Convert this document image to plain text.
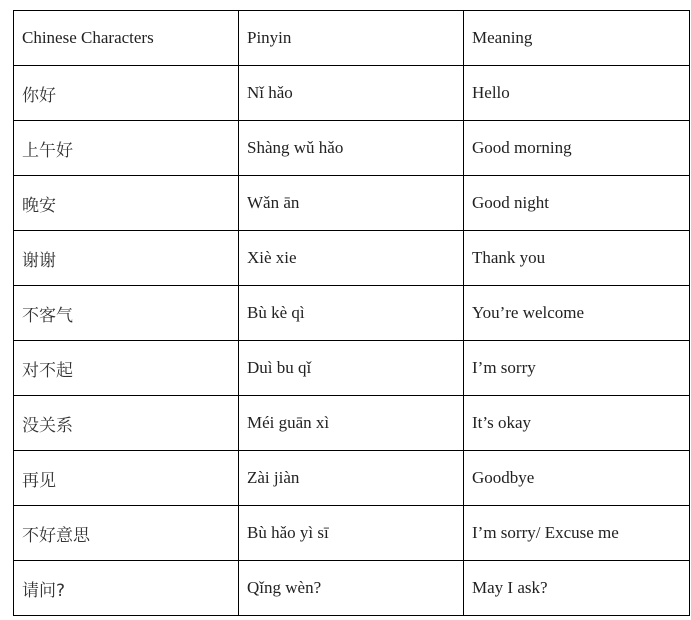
Chinese Characters	Pinyin	Meaning
你好	Nǐ hǎo	Hello
上午好	Shàng wǔ hǎo	Good morning
晚安	Wǎn ān	Good night
谢谢	Xiè xie	Thank you
不客气	Bù kè qì	You’re welcome
对不起	Duì bu qǐ	I’m sorry
没关系	Méi guān xì	It’s okay
再见	Zài jiàn	Goodbye
不好意思	Bù hǎo yì sī	I’m sorry/ Excuse me
请问?	Qǐng wèn?	May I ask?
